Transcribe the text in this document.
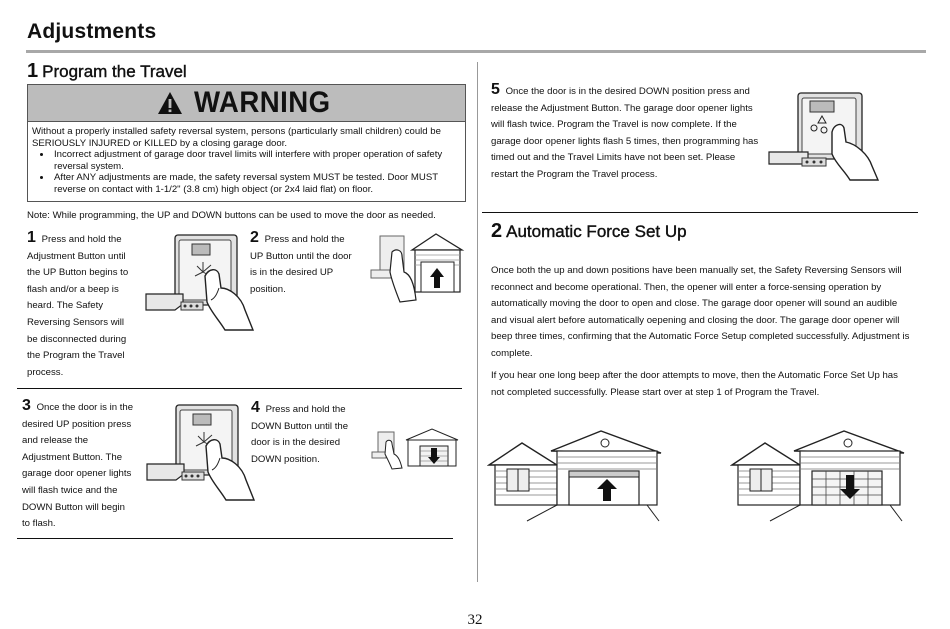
Adjustments
1 Program the Travel
WARNING
Without a properly installed safety reversal system, persons (particularly small children) could be SERIOUSLY INJURED or KILLED by a closing garage door.
• Incorrect adjustment of garage door travel limits will interfere with proper operation of safety reversal system.
• After ANY adjustments are made, the safety reversal system MUST be tested. Door MUST reverse on contact with 1-1/2" (3.8 cm) high object (or 2x4 laid flat) on floor.
Note: While programming, the UP and DOWN buttons can be used to move the door as needed.
1 Press and hold the Adjustment Button until the UP Button begins to flash and/or a beep is heard. The Safety Reversing Sensors will be disconnected during the Program the Travel process.
2 Press and hold the UP Button until the door is in the desired UP position.
3 Once the door is in the desired UP position press and release the Adjustment Button. The garage door opener lights will flash twice and the DOWN Button will begin to flash.
4 Press and hold the DOWN Button until the door is in the desired DOWN position.
5 Once the door is in the desired DOWN position press and release the Adjustment Button. The garage door opener lights will flash twice. Program the Travel is now complete. If the garage door opener lights flash 5 times, then programming has timed out and the Travel Limits have not been set. Please restart the Program the Travel process.
2 Automatic Force Set Up
Once both the up and down positions have been manually set, the Safety Reversing Sensors will reconnect and become operational. Then, the opener will enter a force-sensing operation by automatically moving the door to open and close. The garage door opener will sound an audible and visual alert before automatically oepening and closing the door. The garage door opener will beep three times, confirming that the Automatic Force Setup completed successfully. Adjustment is complete.
If you hear one long beep after the door attempts to move, then the Automatic Force Set Up has not completed successfully. Please start over at step 1 of Program the Travel.
32
